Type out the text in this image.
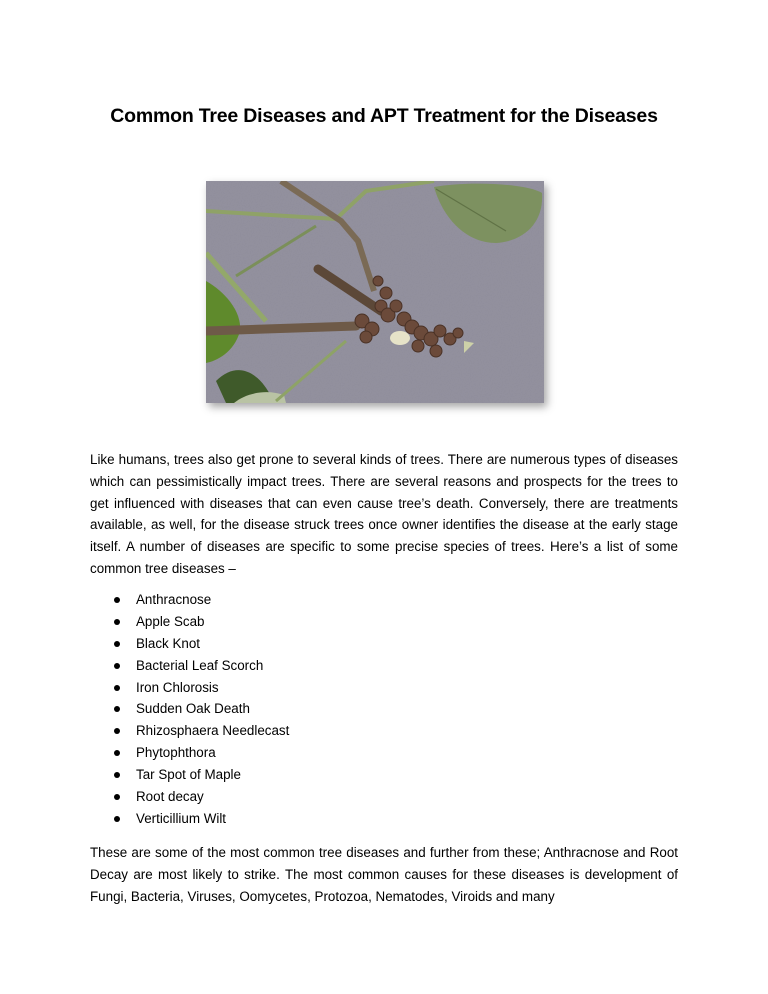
Common Tree Diseases and APT Treatment for the Diseases

Like humans, trees also get prone to several kinds of trees. There are numerous types of diseases which can pessimistically impact trees. There are several reasons and prospects for the trees to get influenced with diseases that can even cause tree’s death. Conversely, there are treatments available, as well, for the disease struck trees once owner identifies the disease at the early stage itself. A number of diseases are specific to some precise species of trees. Here’s a list of some common tree diseases –

Anthracnose
Apple Scab
Black Knot
Bacterial Leaf Scorch
Iron Chlorosis
Sudden Oak Death
Rhizosphaera Needlecast
Phytophthora
Tar Spot of Maple
Root decay
Verticillium Wilt

These are some of the most common tree diseases and further from these; Anthracnose and Root Decay are most likely to strike. The most common causes for these diseases is development of Fungi, Bacteria, Viruses, Oomycetes, Protozoa, Nematodes, Viroids and many
